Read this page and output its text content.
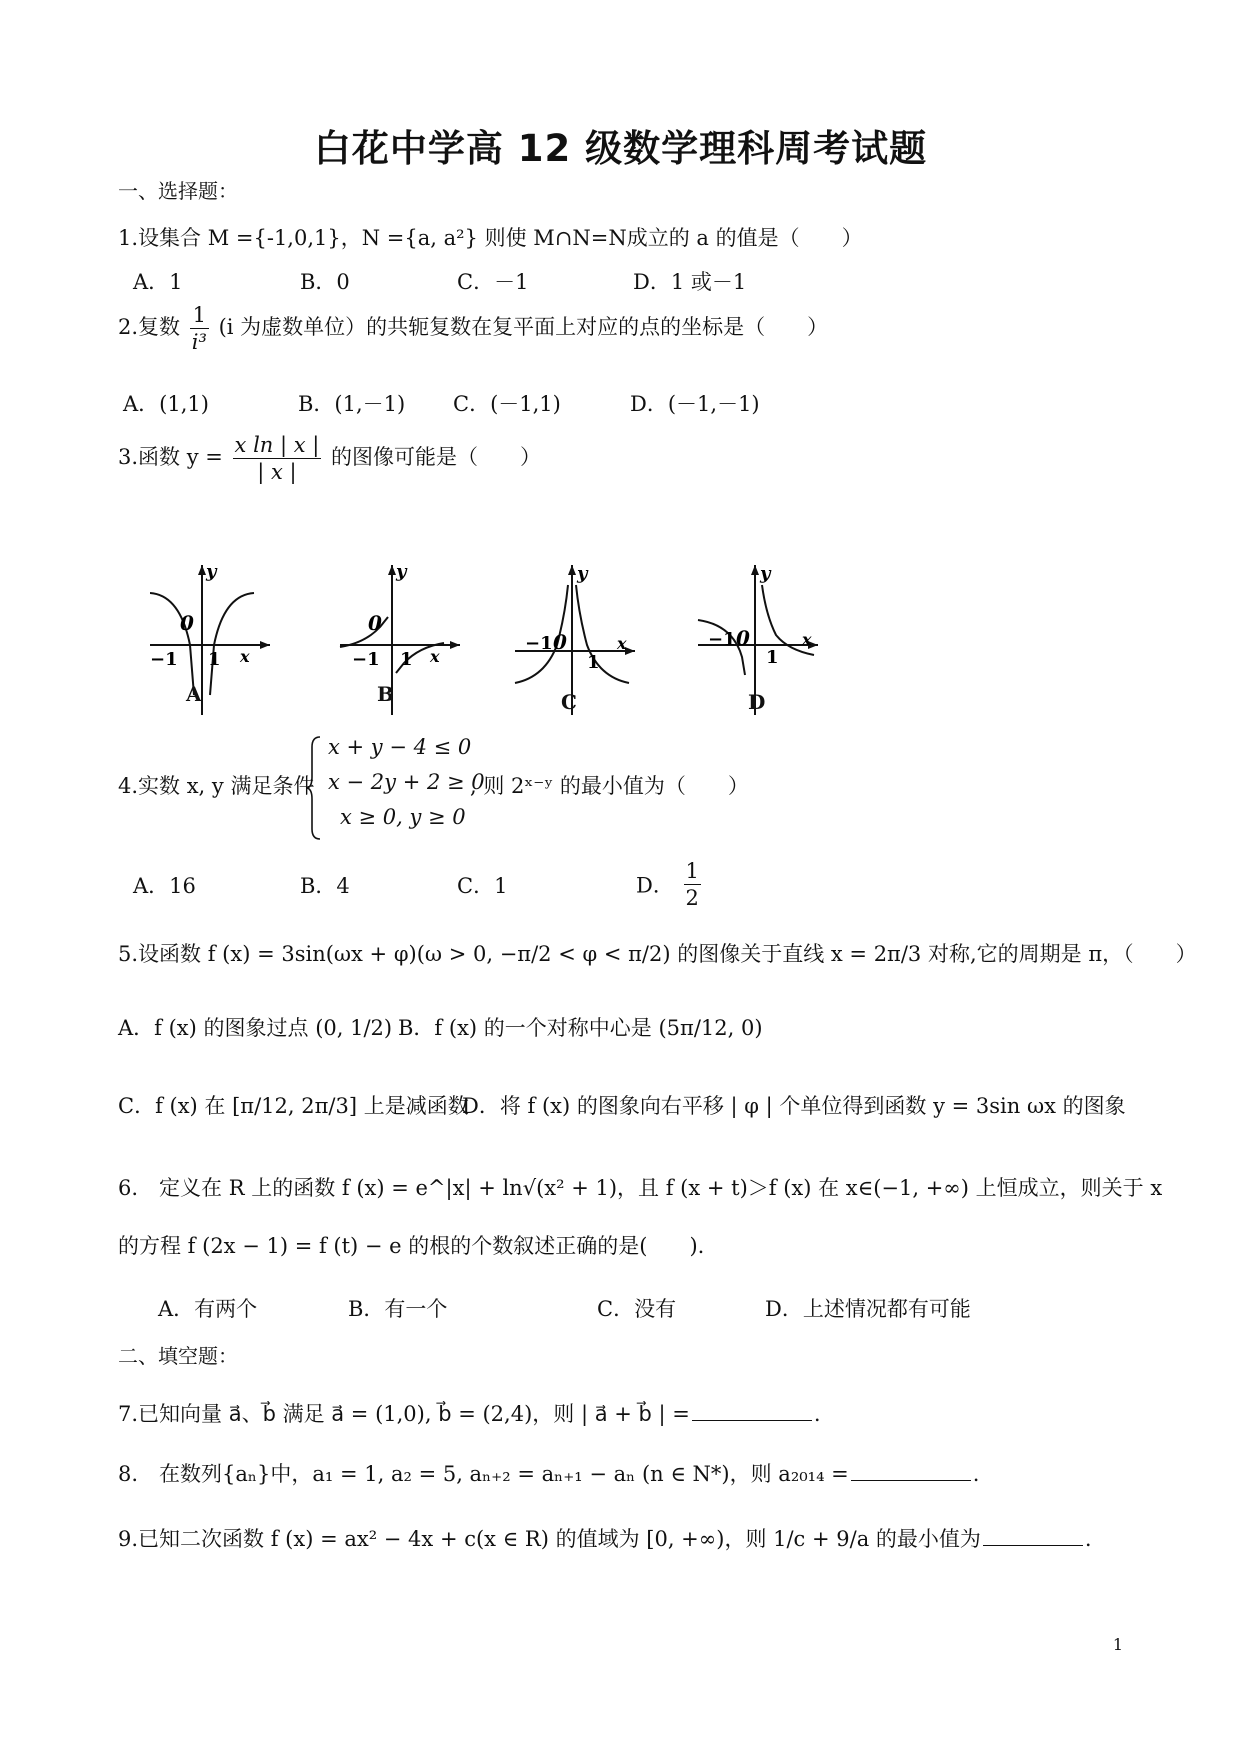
白花中学高 12 级数学理科周考试题
一、选择题：
1.设集合 M ={-1,0,1}，N ={a, a²} 则使 M∩N=N成立的 a 的值是（　　）
A．1	B．0	C．－1	D．1 或－1
2.复数 $\frac{1}{\text{i³}} (i$ 为虚数单位）的共轭复数在复平面上对应的点的坐标是（　　）
A．(1,1)	B．(1,－1) C．(－1,1)	D．(－1,－1)
3.函数 $y = \frac{\text{x ln | x |}}{| x |}$ 的图像可能是（　　）
y
0
−1 1 x
y
0
−1 1 x
y
0
−1
1
x
y
0
−1
1
x
A	B	C	D
4.实数 x, y 满足条件
x + y − 4 ≤ 0
x − 2y + 2 ≥ 0
x ≥ 0, y ≥ 0
, 则 2ˣ⁻ʸ 的最小值为（　　）
A．16	B．4	C．1	D． $\frac{1}{2}$
5.设函数 f (x) = 3sin(ωx + φ)(ω > 0, −π/2 < φ < π/2) 的图像关于直线 x = 2π/3 对称,它的周期是 π，（　　）
A．f (x) 的图象过点 (0, 1/2) B．f (x) 的一个对称中心是 (5π/12, 0)
C．f (x) 在 [π/12, 2π/3] 上是减函数
D．将 f (x) 的图象向右平移 | φ | 个单位得到函数 y = 3sin ωx 的图象
6.　定义在 R 上的函数 f (x) = e^|x| + ln√(x² + 1)，且 f (x + t)＞f (x) 在 x∈(−1, +∞) 上恒成立，则关于 x
的方程 f (2x − 1) = f (t) − e 的根的个数叙述正确的是(　　).
A．有两个	B．有一个	C．没有	D．上述情况都有可能
二、填空题：
7.已知向量 a⃗、b⃗ 满足 a⃗ = (1,0), b⃗ = (2,4)，则 | a⃗ + b⃗ | =	.
8.　在数列{aₙ}中，a₁ = 1, a₂ = 5, aₙ₊₂ = aₙ₊₁ − aₙ (n ∈ N*)，则 a₂₀₁₄ =	.
9.已知二次函数 f (x) = ax² − 4x + c(x ∈ R) 的值域为 [0, +∞)，则 1/c + 9/a 的最小值为	.
1
